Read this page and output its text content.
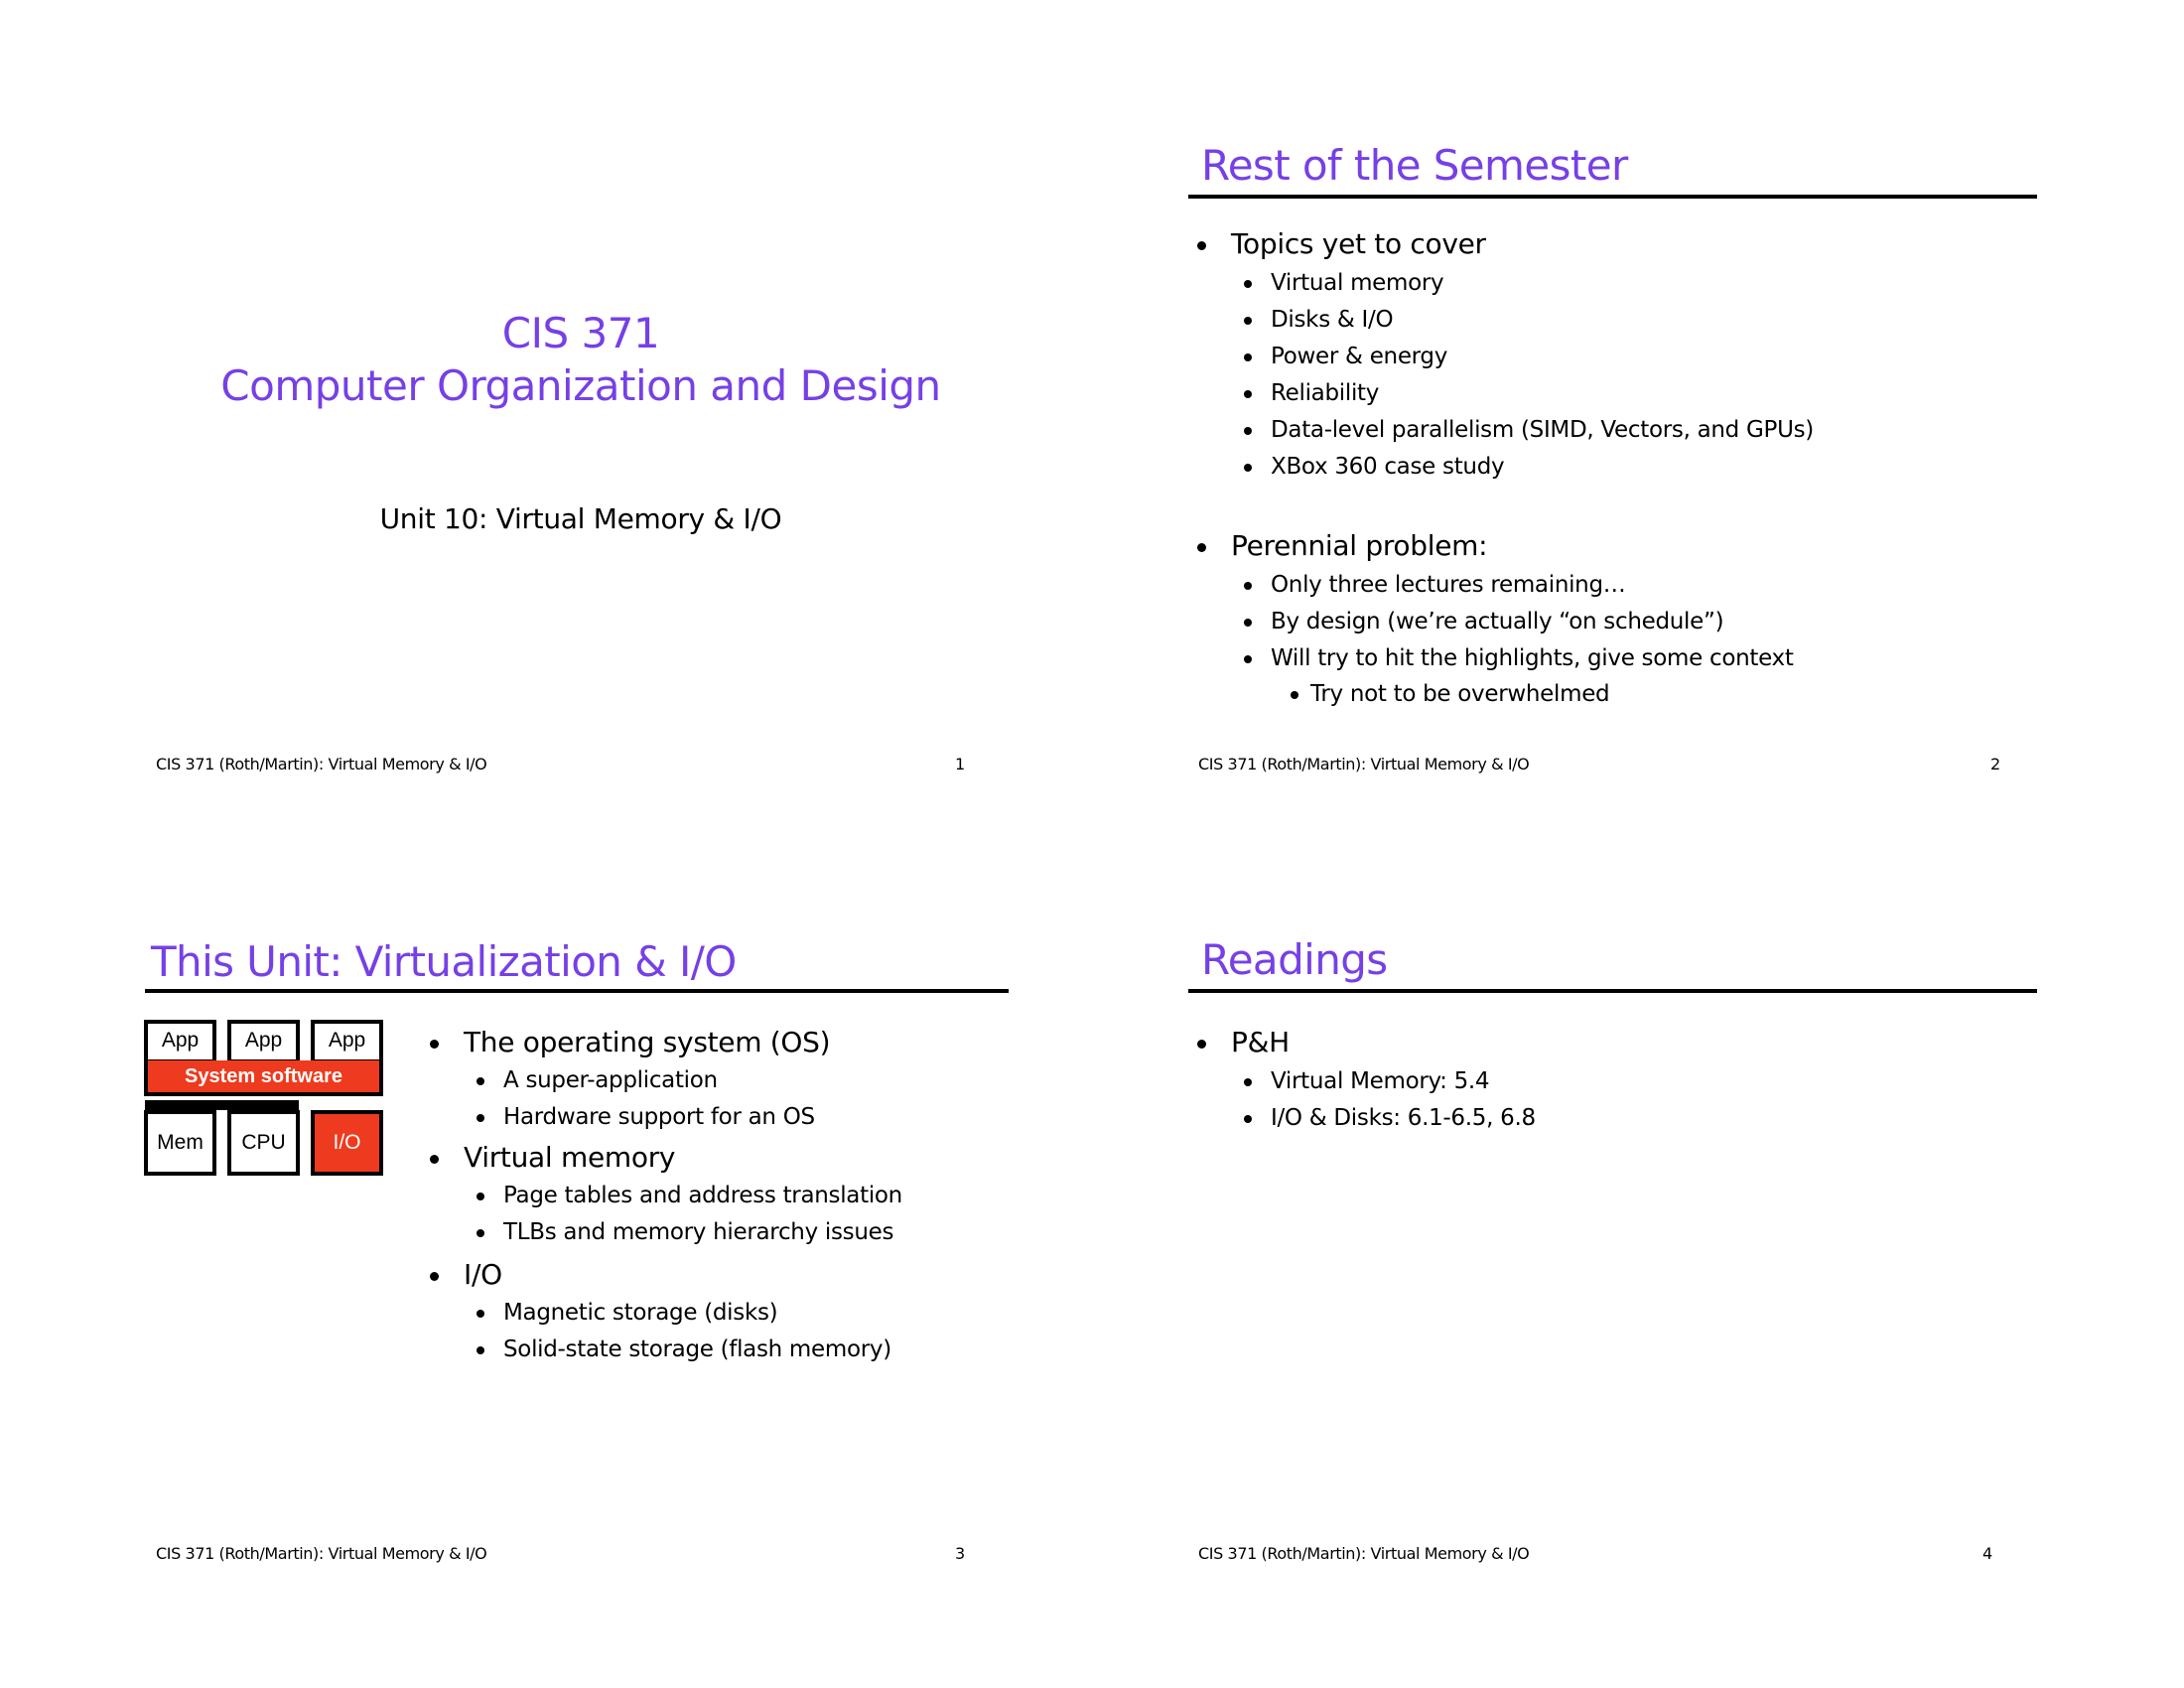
CIS 371
Computer Organization and Design
Unit 10: Virtual Memory & I/O
CIS 371 (Roth/Martin): Virtual Memory & I/O	1
Rest of the Semester
Topics yet to cover
Virtual memory
Disks & I/O
Power & energy
Reliability
Data-level parallelism (SIMD, Vectors, and GPUs)
XBox 360 case study
Perennial problem:
Only three lectures remaining…
By design (we’re actually “on schedule”)
Will try to hit the highlights, give some context
Try not to be overwhelmed
CIS 371 (Roth/Martin): Virtual Memory & I/O	2
This Unit: Virtualization & I/O
App	App	App
System software
Mem	CPU	I/O
The operating system (OS)
A super-application
Hardware support for an OS
Virtual memory
Page tables and address translation
TLBs and memory hierarchy issues
I/O
Magnetic storage (disks)
Solid-state storage (flash memory)
CIS 371 (Roth/Martin): Virtual Memory & I/O	3
Readings
P&H
Virtual Memory: 5.4
I/O & Disks: 6.1-6.5, 6.8
CIS 371 (Roth/Martin): Virtual Memory & I/O	4
